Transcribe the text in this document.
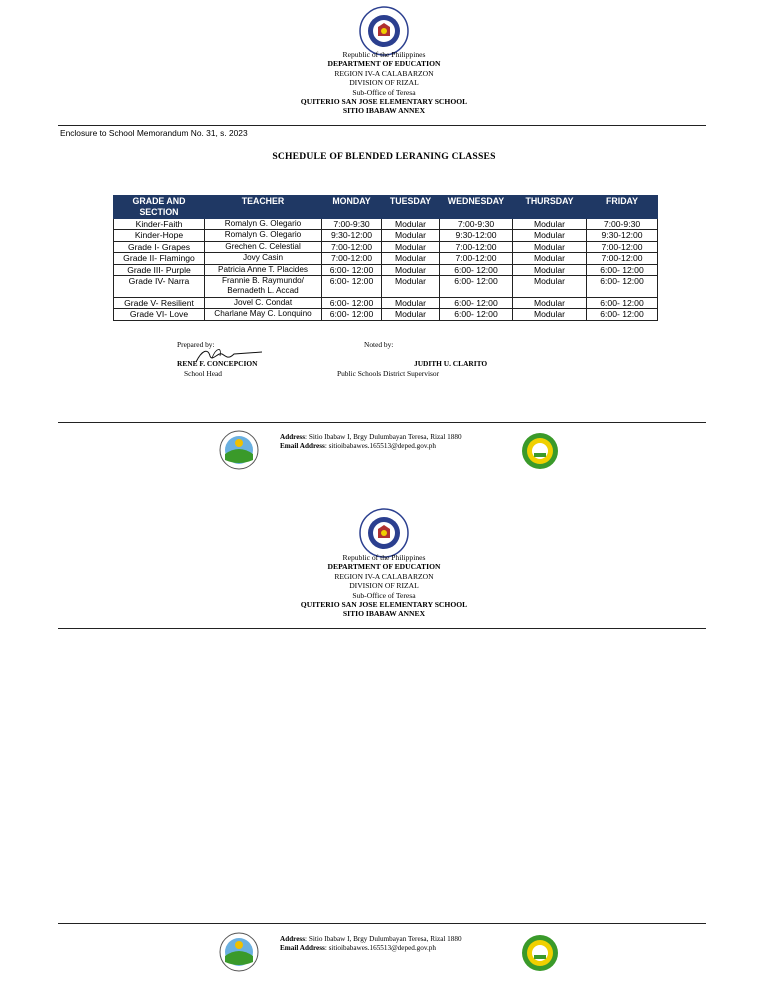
Republic of the Philippines
DEPARTMENT OF EDUCATION
REGION IV-A CALABARZON
DIVISION OF RIZAL
Sub-Office of Teresa
QUITERIO SAN JOSE ELEMENTARY SCHOOL
SITIO IBABAW ANNEX
Enclosure to School Memorandum No. 31, s. 2023
SCHEDULE OF BLENDED LERANING CLASSES
GRADE AND SECTION	TEACHER	MONDAY	TUESDAY	WEDNESDAY	THURSDAY	FRIDAY
Kinder-Faith	Romalyn G. Olegario	7:00-9:30	Modular	7:00-9:30	Modular	7:00-9:30
Kinder-Hope	Romalyn G. Olegario	9:30-12:00	Modular	9:30-12:00	Modular	9:30-12:00
Grade I- Grapes	Grechen C. Celestial	7:00-12:00	Modular	7:00-12:00	Modular	7:00-12:00
Grade II- Flamingo	Jovy Casin	7:00-12:00	Modular	7:00-12:00	Modular	7:00-12:00
Grade III- Purple	Patricia Anne T. Placides	6:00- 12:00	Modular	6:00- 12:00	Modular	6:00- 12:00
Grade IV- Narra	Frannie B. Raymundo/ Bernadeth L. Accad	6:00- 12:00	Modular	6:00- 12:00	Modular	6:00- 12:00
Grade V- Resilient	Jovel C. Condat	6:00- 12:00	Modular	6:00- 12:00	Modular	6:00- 12:00
Grade VI- Love	Charlane May C. Lonquino	6:00- 12:00	Modular	6:00- 12:00	Modular	6:00- 12:00
Prepared by:
RENE F. CONCEPCION
School Head
Noted by:
JUDITH U. CLARITO
Public Schools District Supervisor
Address: Sitio Ibabaw I, Brgy Dulumbayan Teresa, Rizal 1880
Email Address: sitioibabawes.165513@deped.gov.ph
Republic of the Philippines
DEPARTMENT OF EDUCATION
REGION IV-A CALABARZON
DIVISION OF RIZAL
Sub-Office of Teresa
QUITERIO SAN JOSE ELEMENTARY SCHOOL
SITIO IBABAW ANNEX
Address: Sitio Ibabaw I, Brgy Dulumbayan Teresa, Rizal 1880
Email Address: sitioibabawes.165513@deped.gov.ph
